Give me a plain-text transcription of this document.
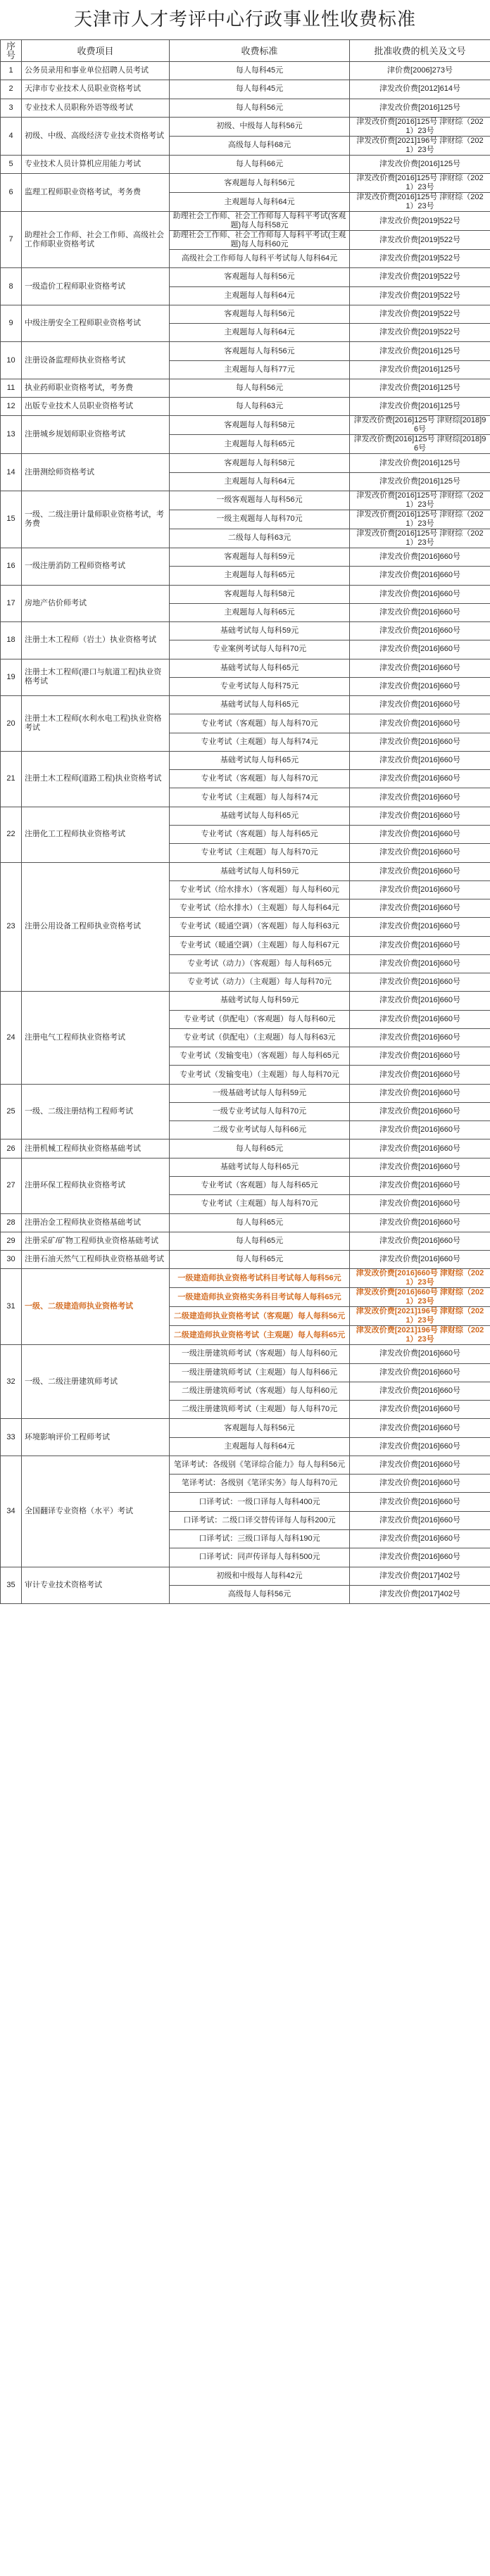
天津市人才考评中心行政事业性收费标准
序号	收费项目	收费标准	批准收费的机关及文号
1	公务员录用和事业单位招聘人员考试	每人每科45元	津价费[2006]273号
2	天津市专业技术人员职业资格考试	每人每科45元	津发改价费[2012]614号
3	专业技术人员职称外语等级考试	每人每科56元	津发改价费[2016]125号
4	初级、中级、高级经济专业技术资格考试	初级、中级每人每科56元	津发改价费[2016]125号 津财综（2021）23号
		高级每人每科68元	津发改价费[2021]196号 津财综（2021）23号
5	专业技术人员计算机应用能力考试	每人每科66元	津发改价费[2016]125号
6	监理工程师职业资格考试，考务费	客观题每人每科56元	津发改价费[2016]125号 津财综（2021）23号
		主观题每人每科64元	津发改价费[2016]125号 津财综（2021）23号
7	助理社会工作师、社会工作师、高级社会工作师职业资格考试	助理社会工作师、社会工作师每人每科平考试(客观题)每人每科58元	津发改价费[2019]522号
		助理社会工作师、社会工作师每人每科平考试(主观题)每人每科60元	津发改价费[2019]522号
		高级社会工作师每人每科平考试每人每科64元	津发改价费[2019]522号
8	一级造价工程师职业资格考试	客观题每人每科56元	津发改价费[2019]522号
		主观题每人每科64元	津发改价费[2019]522号
9	中级注册安全工程师职业资格考试	客观题每人每科56元	津发改价费[2019]522号
		主观题每人每科64元	津发改价费[2019]522号
10	注册设备监理师执业资格考试	客观题每人每科56元	津发改价费[2016]125号
		主观题每人每科77元	津发改价费[2016]125号
11	执业药师职业资格考试，考务费	每人每科56元	津发改价费[2016]125号
12	出版专业技术人员职业资格考试	每人每科63元	津发改价费[2016]125号
13	注册城乡规划师职业资格考试	客观题每人每科58元	津发改价费[2016]125号 津财综[2018]96号
		主观题每人每科65元	津发改价费[2016]125号 津财综[2018]96号
14	注册测绘师资格考试	客观题每人每科58元	津发改价费[2016]125号
		主观题每人每科64元	津发改价费[2016]125号
15	一级、二级注册计量师职业资格考试，考务费	一级客观题每人每科56元	津发改价费[2016]125号 津财综（2021）23号
		一级主观题每人每科70元	津发改价费[2016]125号 津财综（2021）23号
		二级每人每科63元	津发改价费[2016]125号 津财综（2021）23号
16	一级注册消防工程师资格考试	客观题每人每科59元	津发改价费[2016]660号
		主观题每人每科65元	津发改价费[2016]660号
17	房地产估价师考试	客观题每人每科58元	津发改价费[2016]660号
		主观题每人每科65元	津发改价费[2016]660号
18	注册土木工程师（岩土）执业资格考试	基础考试每人每科59元	津发改价费[2016]660号
		专业案例考试每人每科70元	津发改价费[2016]660号
19	注册土木工程师(港口与航道工程)执业资格考试	基础考试每人每科65元	津发改价费[2016]660号
		专业考试每人每科75元	津发改价费[2016]660号
20	注册土木工程师(水利水电工程)执业资格考试	基础考试每人每科65元	津发改价费[2016]660号
		专业考试（客观题）每人每科70元	津发改价费[2016]660号
		专业考试（主观题）每人每科74元	津发改价费[2016]660号
21	注册土木工程师(道路工程)执业资格考试	基础考试每人每科65元	津发改价费[2016]660号
		专业考试（客观题）每人每科70元	津发改价费[2016]660号
		专业考试（主观题）每人每科74元	津发改价费[2016]660号
22	注册化工工程师执业资格考试	基础考试每人每科65元	津发改价费[2016]660号
		专业考试（客观题）每人每科65元	津发改价费[2016]660号
		专业考试（主观题）每人每科70元	津发改价费[2016]660号
23	注册公用设备工程师执业资格考试	基础考试每人每科59元	津发改价费[2016]660号
		专业考试（给水排水）（客观题）每人每科60元	津发改价费[2016]660号
		专业考试（给水排水）（主观题）每人每科64元	津发改价费[2016]660号
		专业考试（暖通空调）（客观题）每人每科63元	津发改价费[2016]660号
		专业考试（暖通空调）（主观题）每人每科67元	津发改价费[2016]660号
		专业考试（动力）（客观题）每人每科65元	津发改价费[2016]660号
		专业考试（动力）（主观题）每人每科70元	津发改价费[2016]660号
24	注册电气工程师执业资格考试	基础考试每人每科59元	津发改价费[2016]660号
		专业考试（供配电）（客观题）每人每科60元	津发改价费[2016]660号
		专业考试（供配电）（主观题）每人每科63元	津发改价费[2016]660号
		专业考试（发输变电）（客观题）每人每科65元	津发改价费[2016]660号
		专业考试（发输变电）（主观题）每人每科70元	津发改价费[2016]660号
25	一级、二级注册结构工程师考试	一级基础考试每人每科59元	津发改价费[2016]660号
		一级专业考试每人每科70元	津发改价费[2016]660号
		二级专业考试每人每科66元	津发改价费[2016]660号
26	注册机械工程师执业资格基础考试	每人每科65元	津发改价费[2016]660号
27	注册环保工程师执业资格考试	基础考试每人每科65元	津发改价费[2016]660号
		专业考试（客观题）每人每科65元	津发改价费[2016]660号
		专业考试（主观题）每人每科70元	津发改价费[2016]660号
28	注册冶金工程师执业资格基础考试	每人每科65元	津发改价费[2016]660号
29	注册采矿/矿物工程师执业资格基础考试	每人每科65元	津发改价费[2016]660号
30	注册石油天然气工程师执业资格基础考试	每人每科65元	津发改价费[2016]660号
31	一级、二级建造师执业资格考试	一级建造师执业资格考试科目考试每人每科56元	津发改价费[2016]660号 津财综（2021）23号
		一级建造师执业资格实务科目考试每人每科65元	津发改价费[2016]660号 津财综（2021）23号
		二级建造师执业资格考试（客观题）每人每科56元	津发改价费[2021]196号 津财综（2021）23号
		二级建造师执业资格考试（主观题）每人每科65元	津发改价费[2021]196号 津财综（2021）23号
32	一级、二级注册建筑师考试	一级注册建筑师考试（客观题）每人每科60元	津发改价费[2016]660号
		一级注册建筑师考试（主观题）每人每科66元	津发改价费[2016]660号
		二级注册建筑师考试（客观题）每人每科60元	津发改价费[2016]660号
		二级注册建筑师考试（主观题）每人每科70元	津发改价费[2016]660号
33	环境影响评价工程师考试	客观题每人每科56元	津发改价费[2016]660号
		主观题每人每科64元	津发改价费[2016]660号
34	全国翻译专业资格（水平）考试	笔译考试：各级别《笔译综合能力》每人每科56元	津发改价费[2016]660号
		笔译考试：各级别《笔译实务》每人每科70元	津发改价费[2016]660号
		口译考试：一级口译每人每科400元	津发改价费[2016]660号
		口译考试：二级口译交替传译每人每科200元	津发改价费[2016]660号
		口译考试：三级口译每人每科190元	津发改价费[2016]660号
		口译考试：同声传译每人每科500元	津发改价费[2016]660号
35	审计专业技术资格考试	初级和中级每人每科42元	津发改价费[2017]402号
		高级每人每科56元	津发改价费[2017]402号
